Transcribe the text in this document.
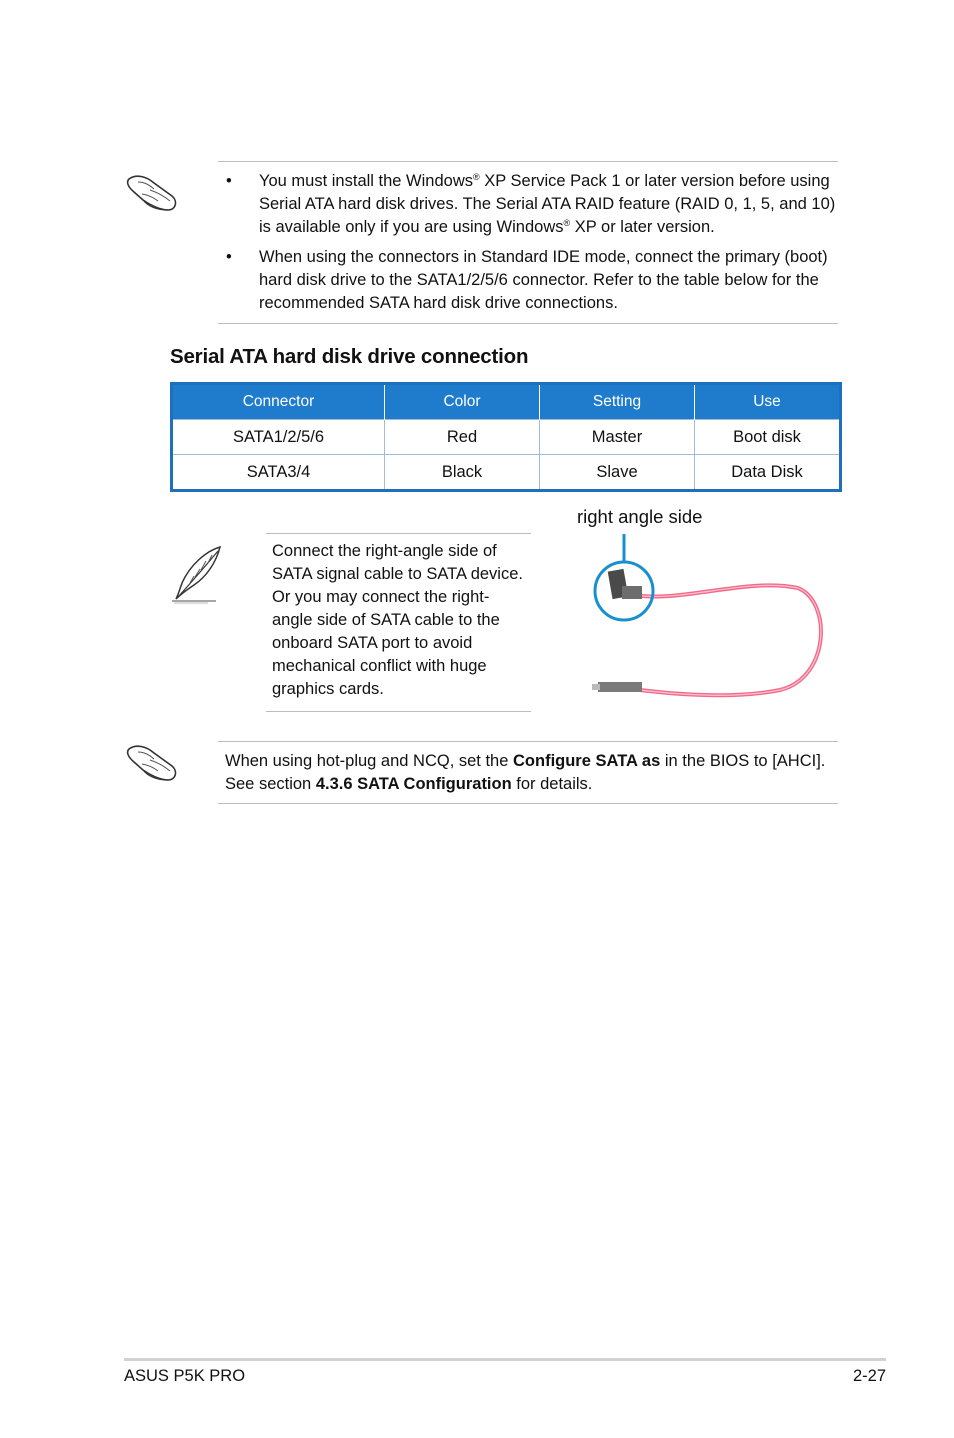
•	You must install the Windows® XP Service Pack 1 or later version before using Serial ATA hard disk drives. The Serial ATA RAID feature (RAID 0, 1, 5, and 10) is available only if you are using Windows® XP or later version.
•	When using the connectors in Standard IDE mode, connect the primary (boot) hard disk drive to the SATA1/2/5/6 connector. Refer to the table below for the recommended SATA hard disk drive connections.
Serial ATA hard disk drive connection
Connector	Color	Setting	Use
SATA1/2/5/6	Red	Master	Boot disk
SATA3/4	Black	Slave	Data Disk
Connect the right-angle side of SATA signal cable to SATA device. Or you may connect the right-angle side of SATA cable to the onboard SATA port to avoid mechanical conflict with huge graphics cards.
right angle side
When using hot-plug and NCQ, set the Configure SATA as in the BIOS to [AHCI]. See section 4.3.6 SATA Configuration for details.
ASUS P5K PRO	2-27
